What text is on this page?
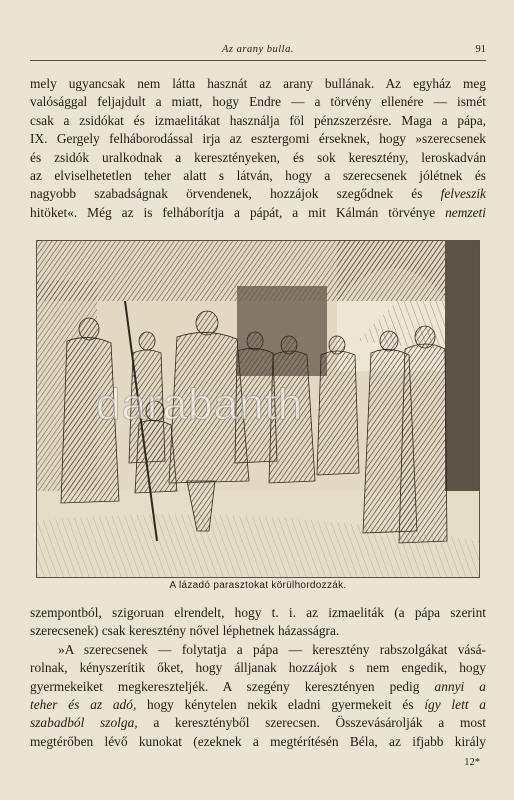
Az arany bulla.	91
mely ugyancsak nem látta hasznát az arany bullának. Az egyház meg
valósággal feljajdult a miatt, hogy Endre — a törvény ellenére — ismét
csak a zsidókat és izmaelitákat használja föl pénzszerzésre. Maga a pápa,
IX. Gergely felháborodással irja az esztergomi érseknek, hogy »szerecsenek
és zsidók uralkodnak a keresztényeken, és sok keresztény, leroskadván
az elviselhetetlen teher alatt s látván, hogy a szerecsenek jólétnek és
nagyobb szabadságnak örvendenek, hozzájok szegődnek és felveszik
hitöket«. Még az is felháborítja a pápát, a mit Kálmán törvénye nemzeti
darabanth
A lázadó parasztokat körülhordozzák.
szempontból, szigoruan elrendelt, hogy t. i. az izmaeliták (a pápa szerint
szerecsenek) csak keresztény nővel léphetnek házasságra.
»A szerecsenek — folytatja a pápa — keresztény rabszolgákat vásá-
rolnak, kényszerítik őket, hogy álljanak hozzájok s nem engedik, hogy
gyermekeiket megkereszteljék. A szegény keresztényen pedig annyi a
teher és az adó, hogy kénytelen nekik eladni gyermekeit és így lett a
szabadból szolga, a keresztényből szerecsen. Összevásárolják a most
megtérőben lévő kunokat (ezeknek a megtérítésén Béla, az ifjabb király
12*
